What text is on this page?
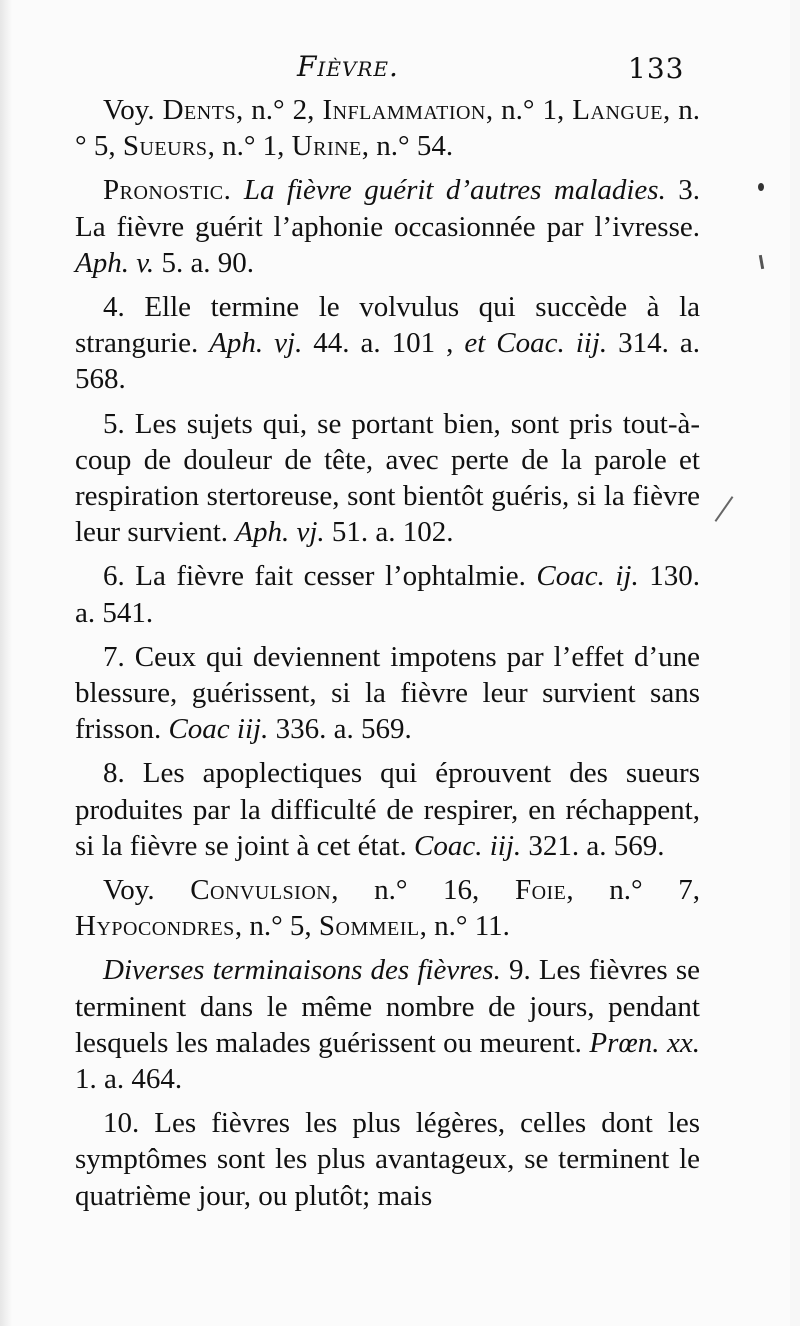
Fièvre.	133

Voy. Dents, n.° 2, Inflammation, n.° 1, Langue, n.° 5, Sueurs, n.° 1, Urine, n.° 54.

Pronostic. La fièvre guérit d’autres maladies. 3. La fièvre guérit l’aphonie occasionnée par l’ivresse. Aph. v. 5. a. 90.

4. Elle termine le volvulus qui succède à la strangurie. Aph. vj. 44. a. 101 , et Coac. iij. 314. a. 568.

5. Les sujets qui, se portant bien, sont pris tout-à-coup de douleur de tête, avec perte de la parole et respiration stertoreuse, sont bientôt guéris, si la fièvre leur survient. Aph. vj. 51. a. 102.

6. La fièvre fait cesser l’ophtalmie. Coac. ij. 130. a. 541.

7. Ceux qui deviennent impotens par l’effet d’une blessure, guérissent, si la fièvre leur survient sans frisson. Coac iij. 336. a. 569.

8. Les apoplectiques qui éprouvent des sueurs produites par la difficulté de respirer, en réchappent, si la fièvre se joint à cet état. Coac. iij. 321. a. 569.

Voy. Convulsion, n.° 16, Foie, n.° 7, Hypocondres, n.° 5, Sommeil, n.° 11.

Diverses terminaisons des fièvres. 9. Les fièvres se terminent dans le même nombre de jours, pendant lesquels les malades guérissent ou meurent. Prœn. xx. 1. a. 464.

10. Les fièvres les plus légères, celles dont les symptômes sont les plus avantageux, se terminent le quatrième jour, ou plutôt; mais
